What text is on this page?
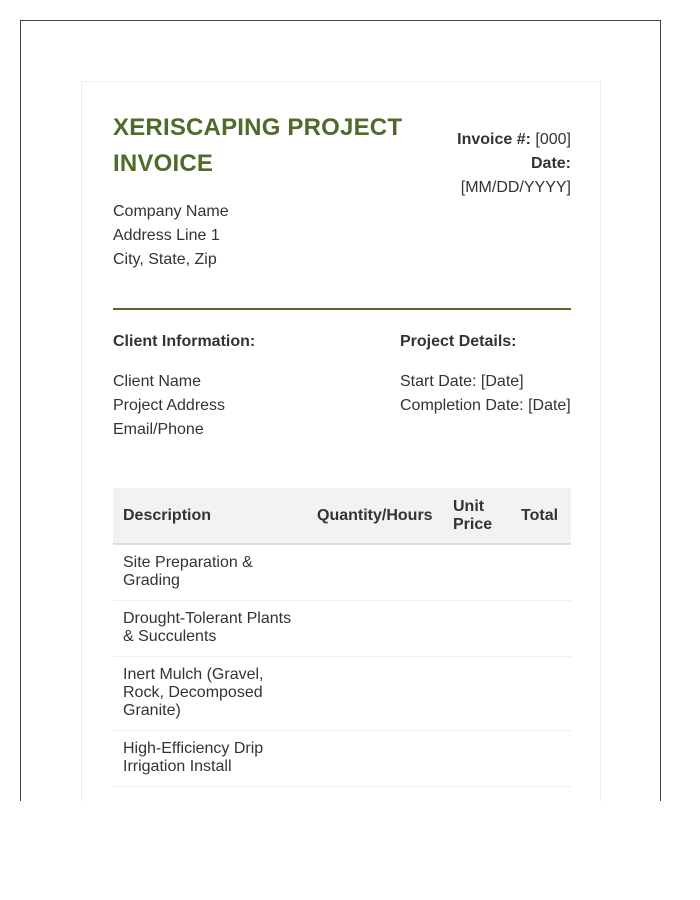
XERISCAPING PROJECT INVOICE
Invoice #: [000]
Date:
[MM/DD/YYYY]
Company Name
Address Line 1
City, State, Zip
Client Information:	Project Details:
Client Name
Project Address
Email/Phone
Start Date: [Date]
Completion Date: [Date]
Description	Quantity/Hours	Unit Price	Total
Site Preparation & Grading			
Drought-Tolerant Plants & Succulents			
Inert Mulch (Gravel, Rock, Decomposed Granite)			
High-Efficiency Drip Irrigation Install			
